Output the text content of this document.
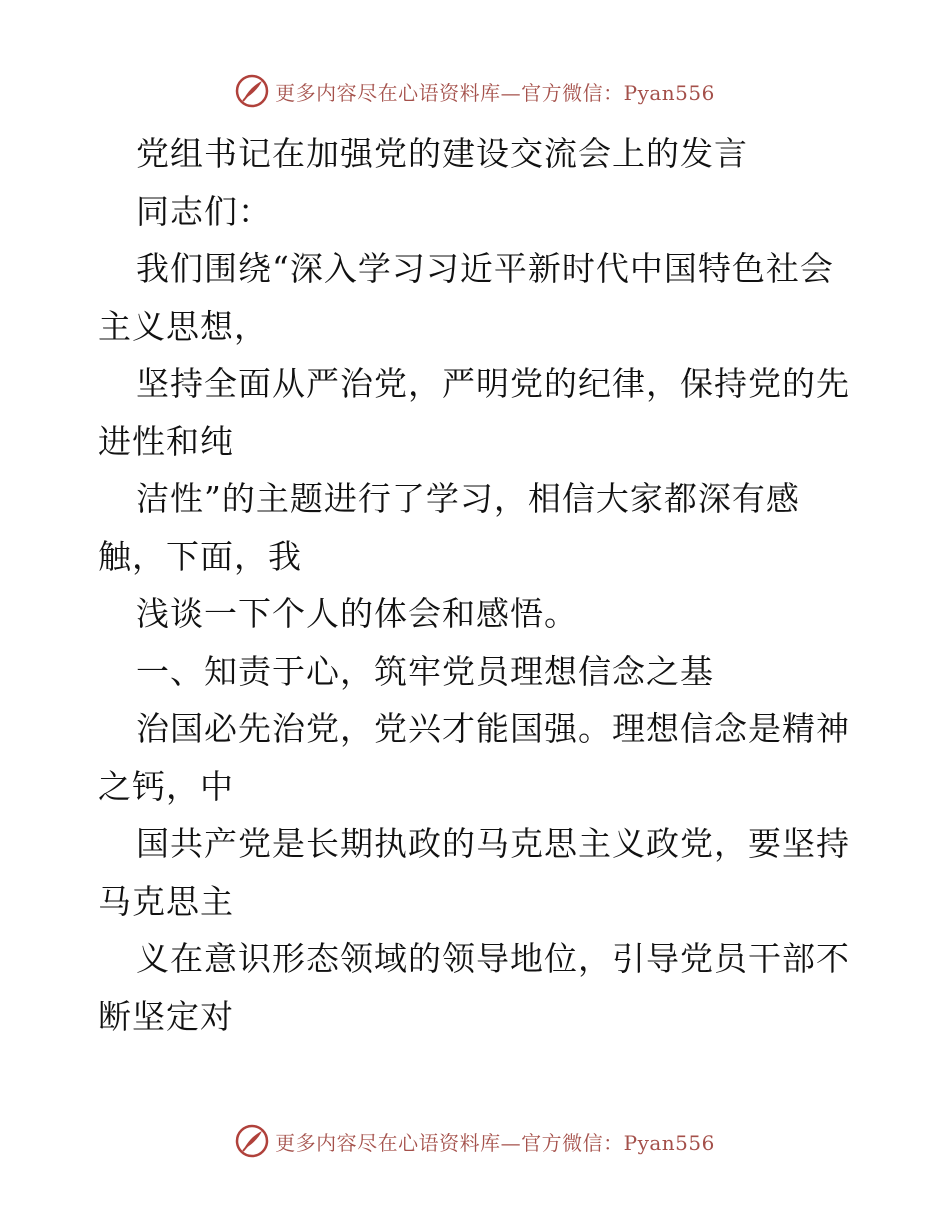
更多内容尽在心语资料库—官方微信：Pyan556
党组书记在加强党的建设交流会上的发言
同志们：
我们围绕“深入学习习近平新时代中国特色社会
主义思想，
坚持全面从严治党，严明党的纪律，保持党的先
进性和纯
洁性”的主题进行了学习，相信大家都深有感
触，下面，我
浅谈一下个人的体会和感悟。
一、知责于心，筑牢党员理想信念之基
治国必先治党，党兴才能国强。理想信念是精神
之钙，中
国共产党是长期执政的马克思主义政党，要坚持
马克思主
义在意识形态领域的领导地位，引导党员干部不
断坚定对
更多内容尽在心语资料库—官方微信：Pyan556
